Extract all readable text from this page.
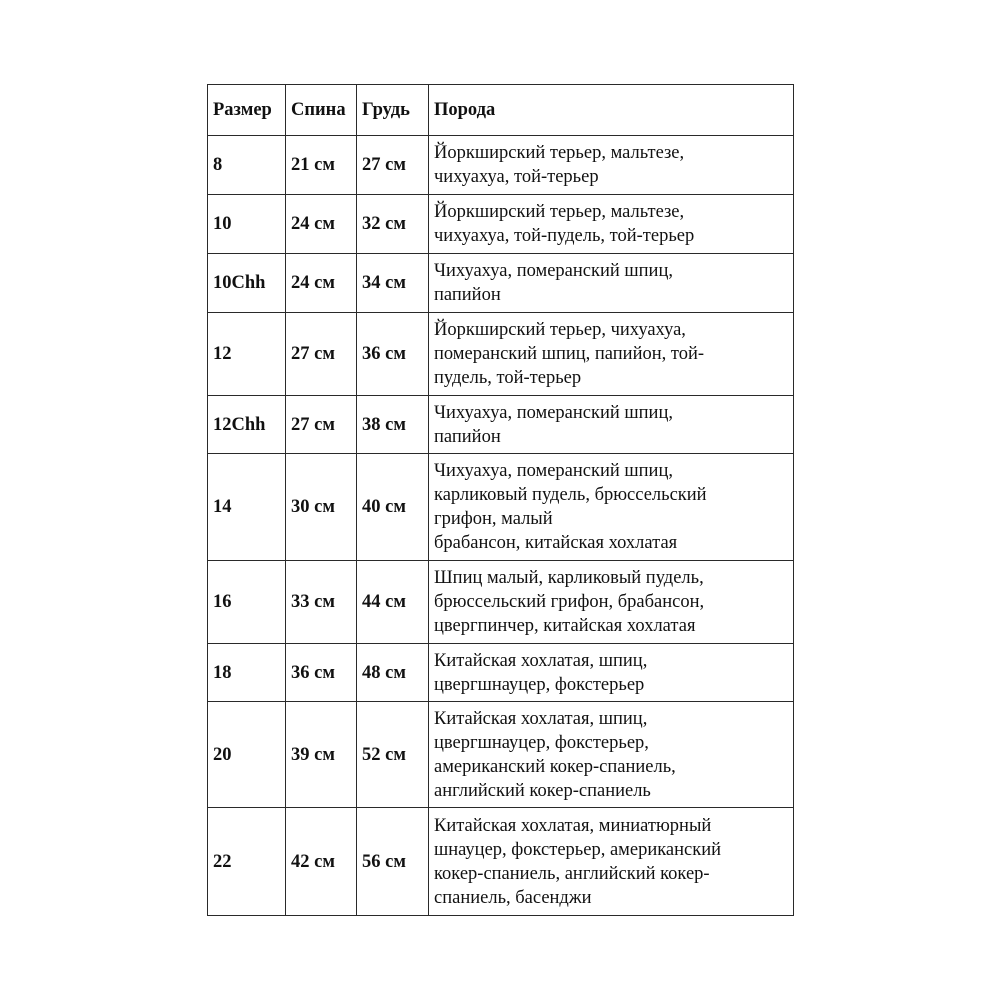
Размер	Спина	Грудь	Порода
8	21 см	27 см	Йоркширский терьер, мальтезе,
чихуахуа, той-терьер

10	24 см	32 см	Йоркширский терьер, мальтезе,
чихуахуа, той-пудель, той-терьер

10Chh	24 см	34 см	Чихуахуа, померанский шпиц,
папийон

12	27 см	36 см	Йоркширский терьер, чихуахуа,
померанский шпиц, папийон, той-
пудель, той-терьер

12Chh	27 см	38 см	Чихуахуа, померанский шпиц,
папийон

14	30 см	40 см	Чихуахуа, померанский шпиц,
карликовый пудель, брюссельский
грифон, малый
брабансон, китайская хохлатая

16	33 см	44 см	Шпиц малый, карликовый пудель,
брюссельский грифон, брабансон,
цвергпинчер, китайская хохлатая

18	36 см	48 см	Китайская хохлатая, шпиц,
цвергшнауцер, фокстерьер

20	39 см	52 см	Китайская хохлатая, шпиц,
цвергшнауцер, фокстерьер,
американский кокер-спаниель,
английский кокер-спаниель

22	42 см	56 см	Китайская хохлатая, миниатюрный
шнауцер, фокстерьер, американский
кокер-спаниель, английский кокер-
спаниель, басенджи
